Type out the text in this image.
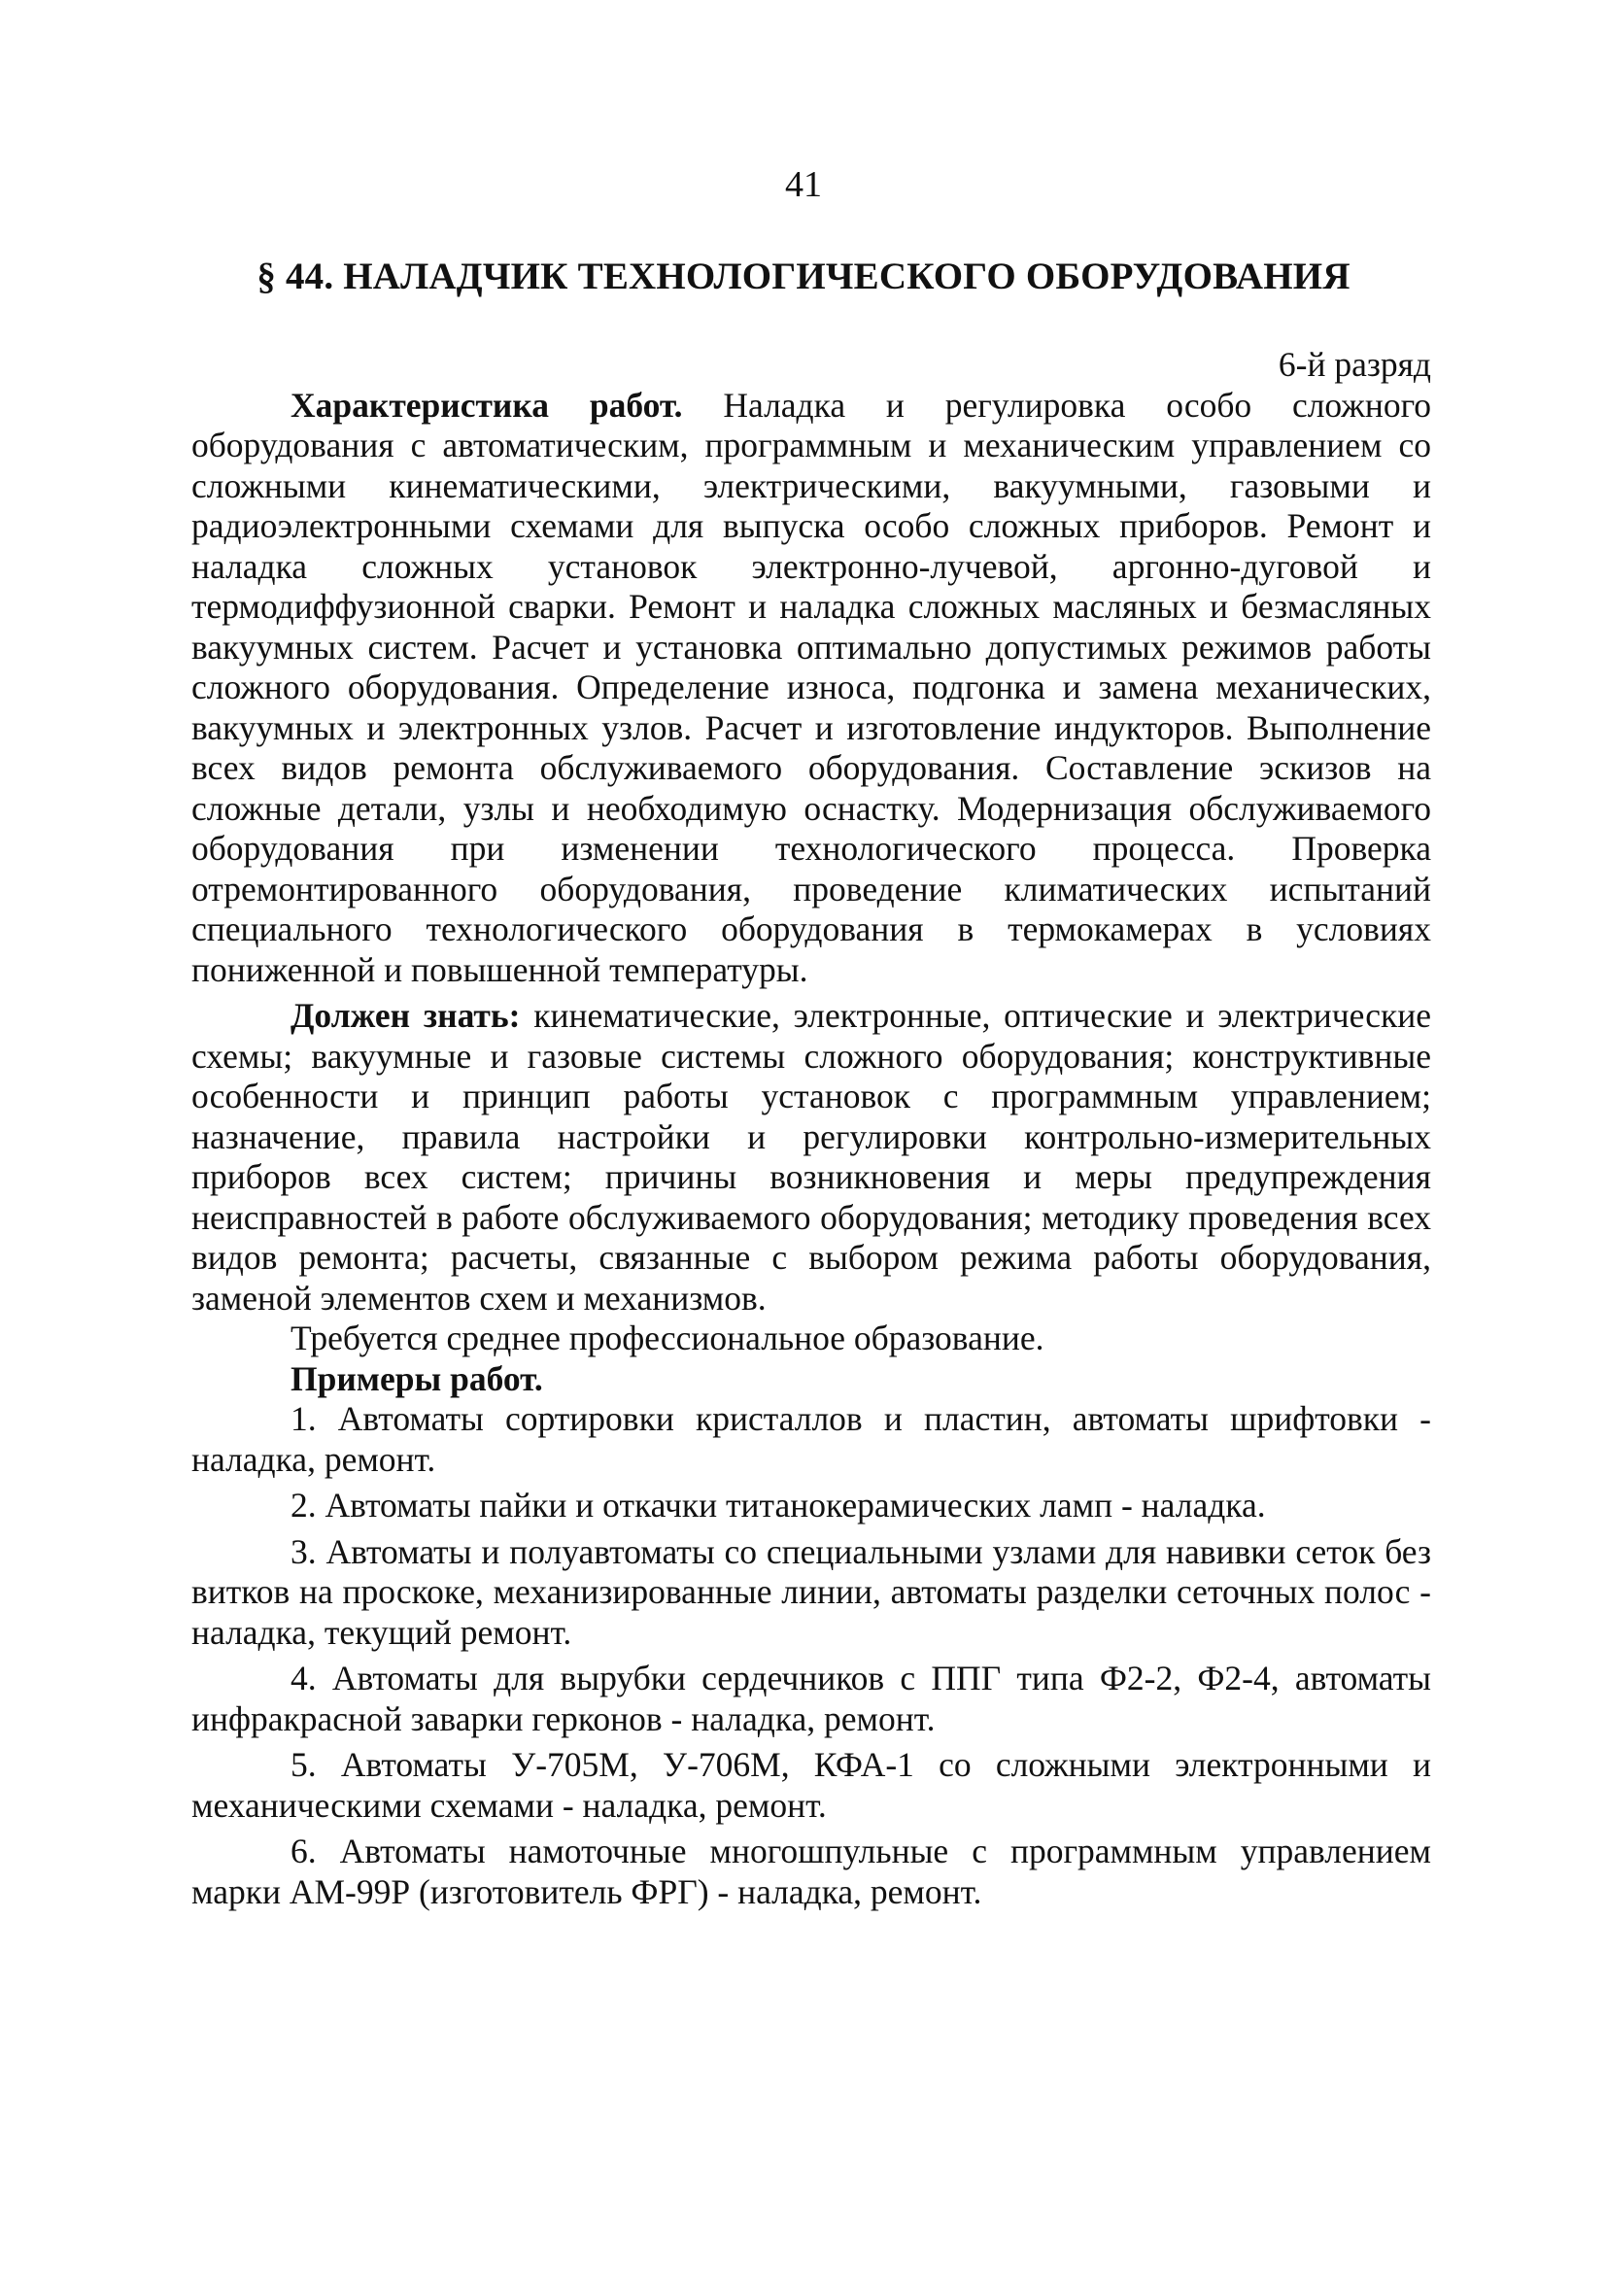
41
§ 44. НАЛАДЧИК ТЕХНОЛОГИЧЕСКОГО ОБОРУДОВАНИЯ

6-й разряд

Характеристика работ. Наладка и регулировка особо сложного оборудования с автоматическим, программным и механическим управлением со сложными кинематическими, электрическими, вакуумными, газовыми и радиоэлектронными схемами для выпуска особо сложных приборов. Ремонт и наладка сложных установок электронно-лучевой, аргонно-дуговой и термодиффузионной сварки. Ремонт и наладка сложных масляных и безмасляных вакуумных систем. Расчет и установка оптимально допустимых режимов работы сложного оборудования. Определение износа, подгонка и замена механических, вакуумных и электронных узлов. Расчет и изготовление индукторов. Выполнение всех видов ремонта обслуживаемого оборудования. Составление эскизов на сложные детали, узлы и необходимую оснастку. Модернизация обслуживаемого оборудования при изменении технологического процесса. Проверка отремонтированного оборудования, проведение климатических испытаний специального технологического оборудования в термокамерах в условиях пониженной и повышенной температуры.

Должен знать: кинематические, электронные, оптические и электрические схемы; вакуумные и газовые системы сложного оборудования; конструктивные особенности и принцип работы установок с программным управлением; назначение, правила настройки и регулировки контрольно-измерительных приборов всех систем; причины возникновения и меры предупреждения неисправностей в работе обслуживаемого оборудования; методику проведения всех видов ремонта; расчеты, связанные с выбором режима работы оборудования, заменой элементов схем и механизмов.

Требуется среднее профессиональное образование.

Примеры работ.

1. Автоматы сортировки кристаллов и пластин, автоматы шрифтовки - наладка, ремонт.

2. Автоматы пайки и откачки титанокерамических ламп - наладка.

3. Автоматы и полуавтоматы со специальными узлами для навивки сеток без витков на проскоке, механизированные линии, автоматы разделки сеточных полос - наладка, текущий ремонт.

4. Автоматы для вырубки сердечников с ППГ типа Ф2-2, Ф2-4, автоматы инфракрасной заварки герконов - наладка, ремонт.

5. Автоматы У-705М, У-706М, КФА-1 со сложными электронными и механическими схемами - наладка, ремонт.

6. Автоматы намоточные многошпульные с программным управлением марки АМ-99Р (изготовитель ФРГ) - наладка, ремонт.
